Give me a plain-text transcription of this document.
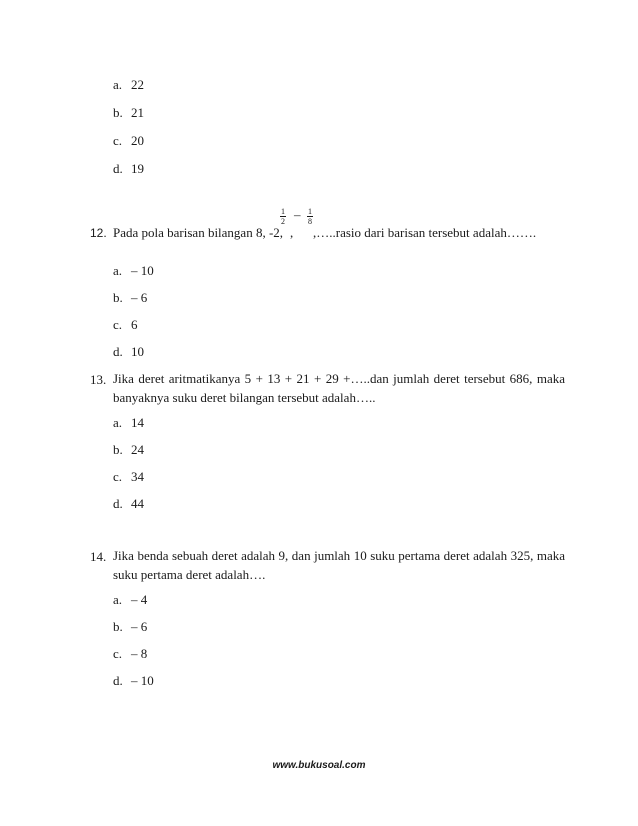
a. 22
b. 21
c. 20
d. 19
12. Pada pola barisan bilangan 8, -2,
1
2
,
– 1
8
,…..rasio dari barisan tersebut adalah…….
a. – 10
b. – 6
c. 6
d. 10
13. Jika deret aritmatikanya 5 + 13 + 21 + 29 +…..dan jumlah deret tersebut 686, maka banyaknya suku deret bilangan tersebut adalah…..
a. 14
b. 24
c. 34
d. 44
14. Jika benda sebuah deret adalah 9, dan jumlah 10 suku pertama deret adalah 325, maka suku pertama deret adalah….
a. – 4
b. – 6
c. – 8
d. – 10
www.bukusoal.com
